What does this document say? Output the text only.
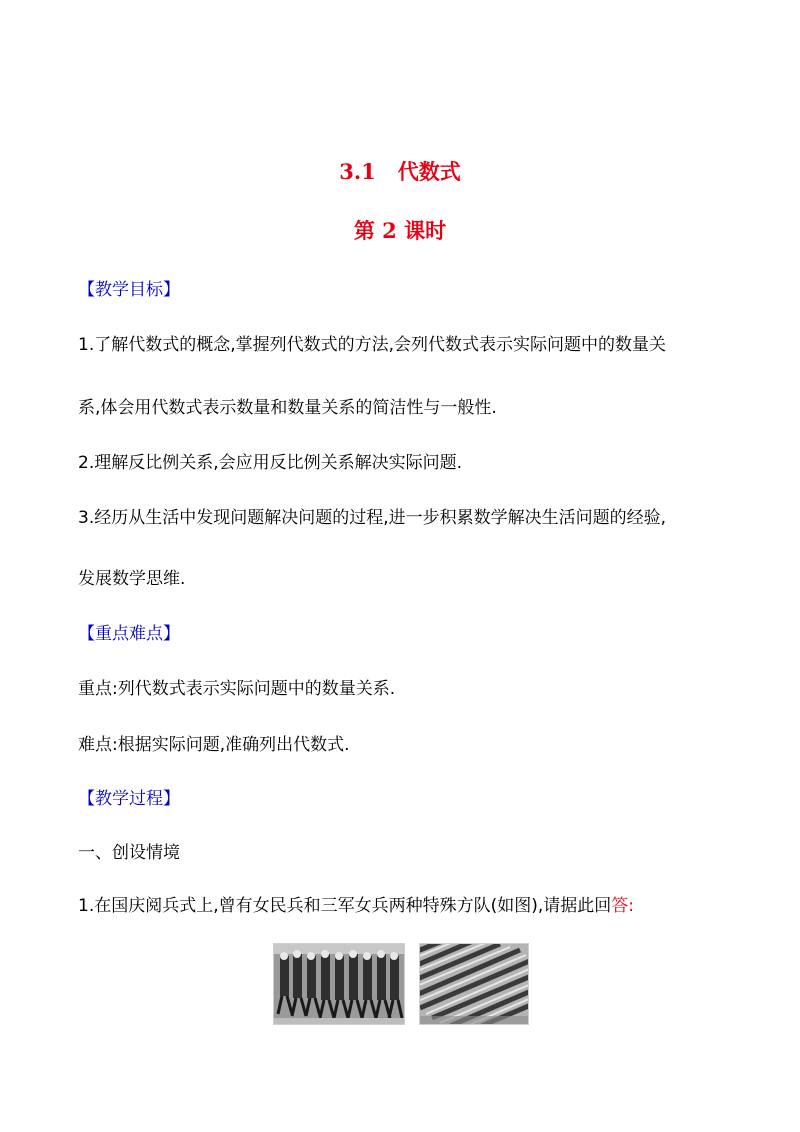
3.1 代数式
第 2 课时
【教学目标】
1.了解代数式的概念,掌握列代数式的方法,会列代数式表示实际问题中的数量关
系,体会用代数式表示数量和数量关系的简洁性与一般性.
2.理解反比例关系,会应用反比例关系解决实际问题.
3.经历从生活中发现问题解决问题的过程,进一步积累数学解决生活问题的经验,
发展数学思维.
【重点难点】
重点:列代数式表示实际问题中的数量关系.
难点:根据实际问题,准确列出代数式.
【教学过程】
一、创设情境
1.在国庆阅兵式上,曾有女民兵和三军女兵两种特殊方队(如图),请据此回答:
